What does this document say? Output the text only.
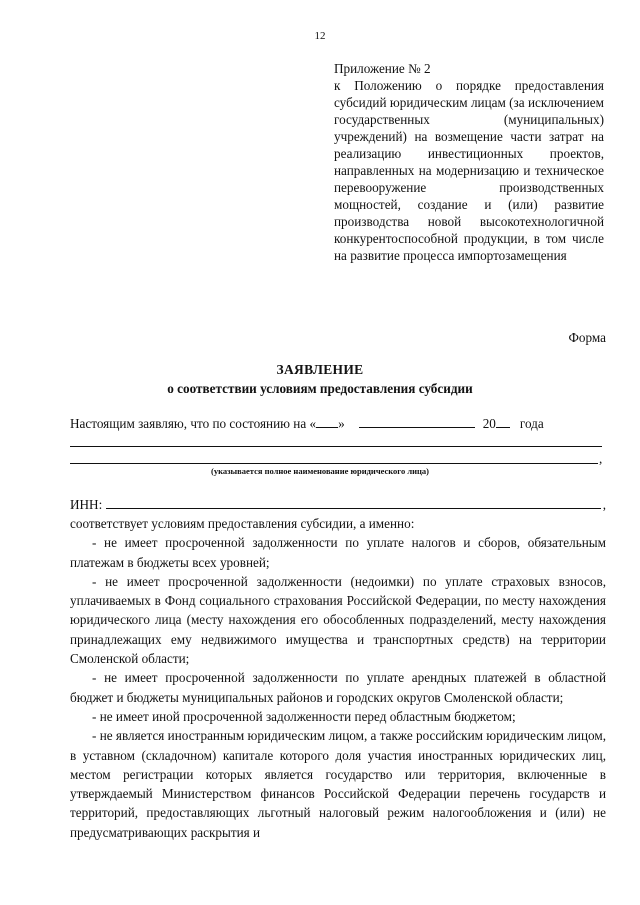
12
Приложение № 2
к Положению о порядке предоставления субсидий юридическим лицам (за исключением государственных (муниципальных) учреждений) на возмещение части затрат на реализацию инвестиционных проектов, направленных на модернизацию и техническое перевооружение производственных мощностей, создание и (или) развитие производства новой высокотехнологичной конкурентоспособной продукции, в том числе на развитие процесса импортозамещения
Форма
ЗАЯВЛЕНИЕ
о соответствии условиям предоставления субсидии
Настоящим заявляю, что по состоянию на « »	20 года
,
(указывается полное наименование юридического лица)
ИНН:	,

соответствует условиям предоставления субсидии, а именно:

- не имеет просроченной задолженности по уплате налогов и сборов, обязательным платежам в бюджеты всех уровней;

- не имеет просроченной задолженности (недоимки) по уплате страховых взносов, уплачиваемых в Фонд социального страхования Российской Федерации, по месту нахождения юридического лица (месту нахождения его обособленных подразделений, месту нахождения принадлежащих ему недвижимого имущества и транспортных средств) на территории Смоленской области;

- не имеет просроченной задолженности по уплате арендных платежей в областной бюджет и бюджеты муниципальных районов и городских округов Смоленской области;

- не имеет иной просроченной задолженности перед областным бюджетом;

- не является иностранным юридическим лицом, а также российским юридическим лицом, в уставном (складочном) капитале которого доля участия иностранных юридических лиц, местом регистрации которых является государство или территория, включенные в утверждаемый Министерством финансов Российской Федерации перечень государств и территорий, предоставляющих льготный налоговый режим налогообложения и (или) не предусматривающих раскрытия и
